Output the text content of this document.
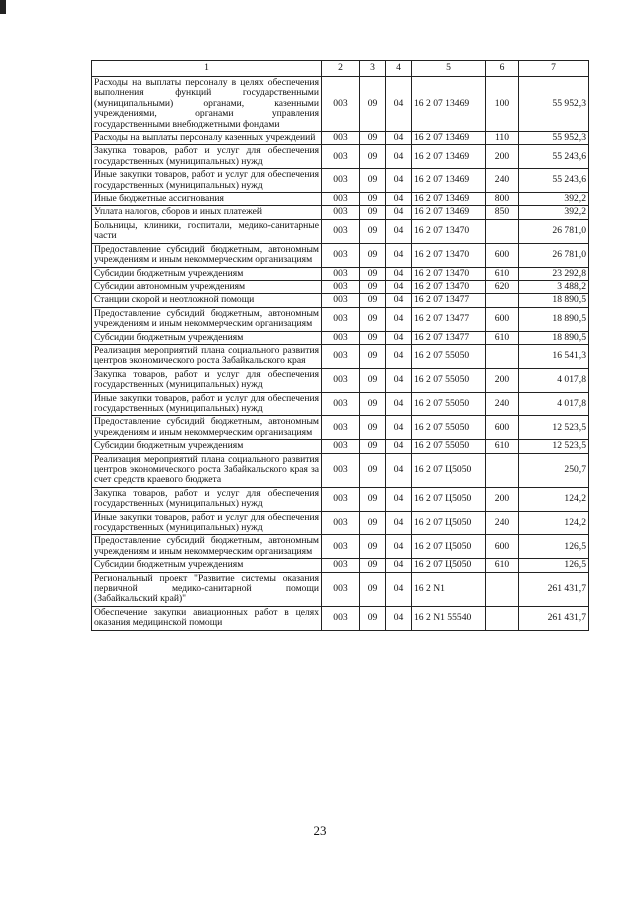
1	2	3	4	5	6	7
Расходы на выплаты персоналу в целях обеспечения выполнения функций государственными (муниципальными) органами, казенными учреждениями, органами управления государственными внебюджетными фондами	003	09	04	16 2 07 13469	100	55 952,3
Расходы на выплаты персоналу казенных учреждеиий	003	09	04	16 2 07 13469	110	55 952,3
Закупка товаров, работ и услуг для обеспечения государственных (муниципальных) нужд	003	09	04	16 2 07 13469	200	55 243,6
Иные закупки товаров, работ и услуг для обеспечения государственных (муниципальных) нужд	003	09	04	16 2 07 13469	240	55 243,6
Иные бюджетные ассигнования	003	09	04	16 2 07 13469	800	392,2
Уплата налогов, сборов и иных платежей	003	09	04	16 2 07 13469	850	392,2
Больницы, клиники, госпитали, медико-санитарные части	003	09	04	16 2 07 13470		26 781,0
Предоставление субсидий бюджетным, автономным учреждениям и иным некоммерческим организациям	003	09	04	16 2 07 13470	600	26 781,0
Субсидии бюджетным учреждениям	003	09	04	16 2 07 13470	610	23 292,8
Субсидии автономным учреждениям	003	09	04	16 2 07 13470	620	3 488,2
Станции скорой и неотложной помощи	003	09	04	16 2 07 13477		18 890,5
Предоставление субсидий бюджетным, автономным учреждениям и иным некоммерческим организациям	003	09	04	16 2 07 13477	600	18 890,5
Субсидии бюджетным учреждениям	003	09	04	16 2 07 13477	610	18 890,5
Реализация мероприятий плана социального развития центров экономического роста Забайкальского края	003	09	04	16 2 07 55050		16 541,3
Закупка товаров, работ и услуг для обеспечения государственных (муниципальных) нужд	003	09	04	16 2 07 55050	200	4 017,8
Иные закупки товаров, работ и услуг для обеспечения государственных (муниципальных) нужд	003	09	04	16 2 07 55050	240	4 017,8
Предоставление субсидий бюджетным, автономным учреждениям и иным некоммерческим организациям	003	09	04	16 2 07 55050	600	12 523,5
Субсидии бюджетным учреждениям	003	09	04	16 2 07 55050	610	12 523,5
Реализация мероприятий плана социального развития центров экономического роста Забайкальского края за счет средств краевого бюджета	003	09	04	16 2 07 Ц5050		250,7
Закупка товаров, работ и услуг для обеспечения государственных (муниципальных) нужд	003	09	04	16 2 07 Ц5050	200	124,2
Иные закупки товаров, работ и услуг для обеспечения государственных (муниципальных) нужд	003	09	04	16 2 07 Ц5050	240	124,2
Предоставление субсидий бюджетным, автономным учреждениям и иным некоммерческим организациям	003	09	04	16 2 07 Ц5050	600	126,5
Субсидии бюджетным учреждениям	003	09	04	16 2 07 Ц5050	610	126,5
Региональный проект "Развитие системы оказания первичной медико-санитарной помощи (Забайкальский край)"	003	09	04	16 2 N1		261 431,7
Обеспечение закупки авиационных работ в целях оказания медицинской помощи	003	09	04	16 2 N1 55540		261 431,7
23
